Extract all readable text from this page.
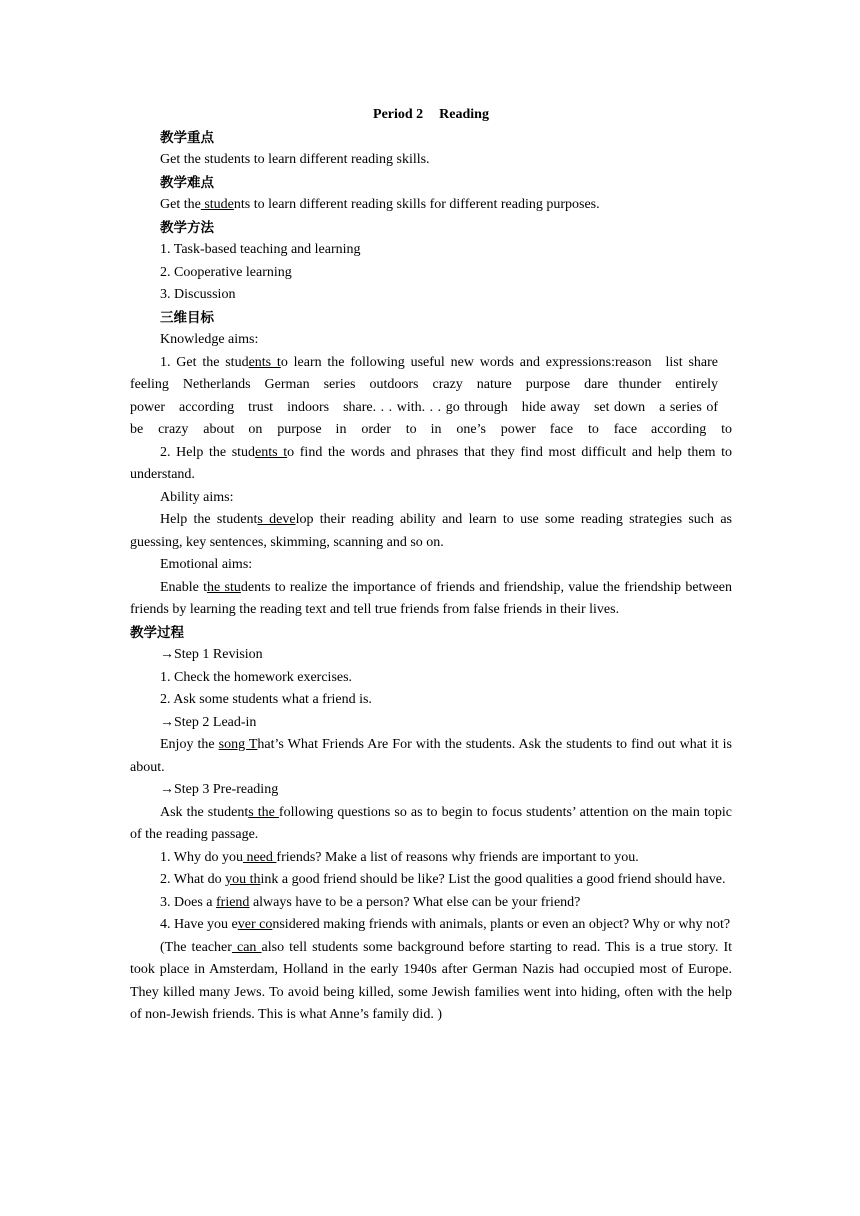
Period 2 Reading

教学重点

Get the students to learn different reading skills.

教学难点

Get the students to learn different reading skills for different reading purposes.

教学方法

1. Task-based teaching and learning

2. Cooperative learning

3. Discussion

三维目标

Knowledge aims:

1. Get the students to learn the following useful new words and expressions:reason list share feeling Netherlands German series outdoors crazy nature purpose dare thunder entirely power according trust indoors share. . . with. . . go through hide away set down a series of be crazy about on purpose in order to in one’s power face to face according to

2. Help the students to find the words and phrases that they find most difficult and help them to understand.

Ability aims:

Help the students develop their reading ability and learn to use some reading strategies such as guessing, key sentences, skimming, scanning and so on.

Emotional aims:

Enable the students to realize the importance of friends and friendship, value the friendship between friends by learning the reading text and tell true friends from false friends in their lives.

教学过程

→Step 1 Revision

1. Check the homework exercises.

2. Ask some students what a friend is.

→Step 2 Lead-in

Enjoy the song That’s What Friends Are For with the students. Ask the students to find out what it is about.

→Step 3 Pre-reading

Ask the students the following questions so as to begin to focus students’ attention on the main topic of the reading passage.

1. Why do you need friends? Make a list of reasons why friends are important to you.

2. What do you think a good friend should be like? List the good qualities a good friend should have.

3. Does a friend always have to be a person? What else can be your friend?

4. Have you ever considered making friends with animals, plants or even an object? Why or why not?

(The teacher can also tell students some background before starting to read. This is a true story. It took place in Amsterdam, Holland in the early 1940s after German Nazis had occupied most of Europe. They killed many Jews. To avoid being killed, some Jewish families went into hiding, often with the help of non-Jewish friends. This is what Anne’s family did. )
